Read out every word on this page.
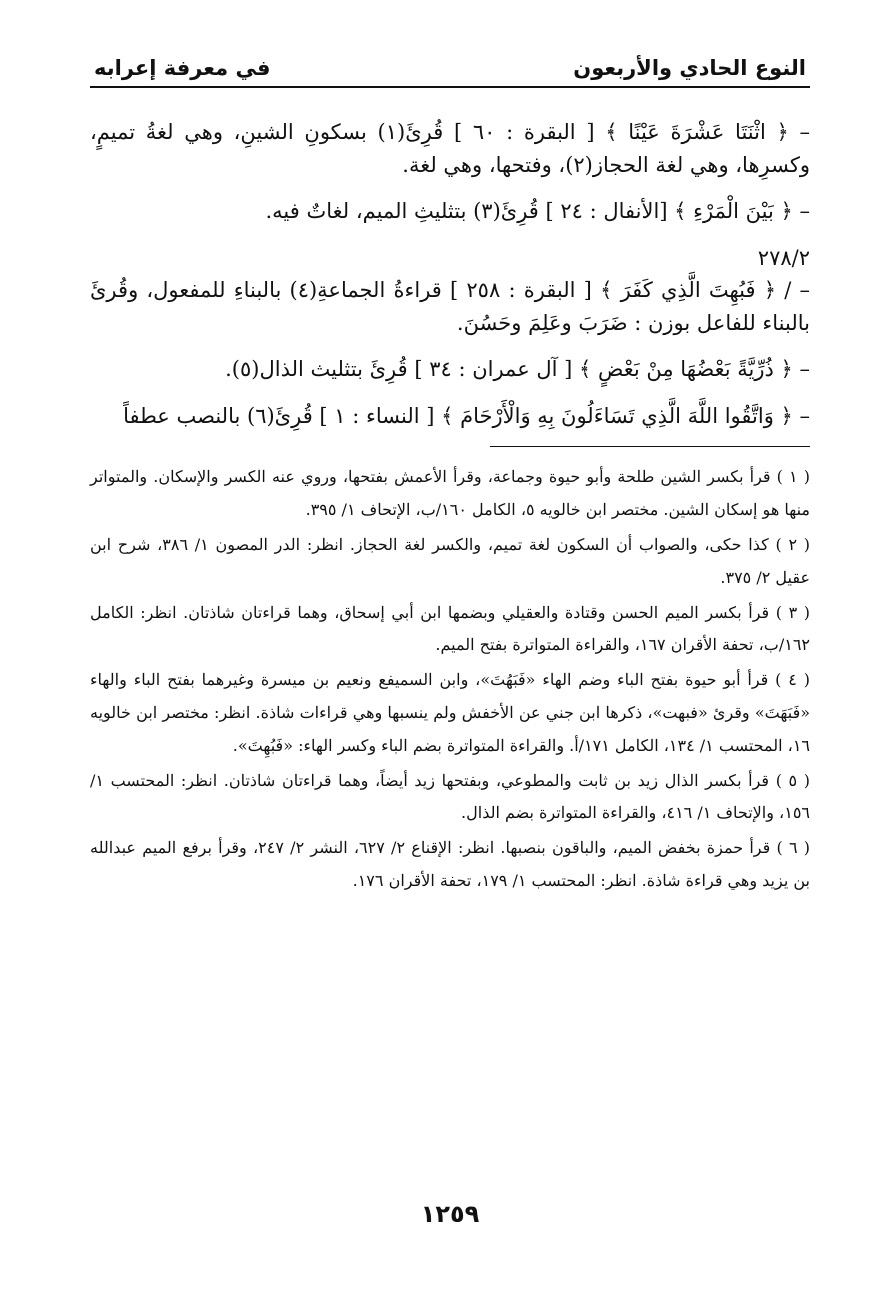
النوع الحادي والأربعون
في معرفة إعرابه

– ﴿ اثْنَتَا عَشْرَةَ عَيْنًا ﴾ [ البقرة : ٦٠ ] قُرِئَ(١) بسكونِ الشينِ، وهي لغةُ تميمٍ، وكسرِها، وهي لغة الحجاز(٢)، وفتحها، وهي لغة.

– ﴿ بَيْنَ الْمَرْءِ ﴾ [الأنفال : ٢٤ ] قُرِئَ(٣) بتثليثِ الميم، لغاتٌ فيه.

٢٧٨/٢

– / ﴿ فَبُهِتَ الَّذِي كَفَرَ ﴾ [ البقرة : ٢٥٨ ] قراءةُ الجماعةِ(٤) بالبناءِ للمفعول، وقُرئَ بالبناء للفاعل بوزن : ضَرَبَ وعَلِمَ وحَسُنَ.

– ﴿ ذُرِّيَّةً بَعْضُهَا مِنْ بَعْضٍ ﴾ [ آل عمران : ٣٤ ] قُرِئَ بتثليث الذال(٥).

– ﴿ وَاتَّقُوا اللَّهَ الَّذِي تَسَاءَلُونَ بِهِ وَالْأَرْحَامَ ﴾ [ النساء : ١ ] قُرِئَ(٦) بالنصب عطفاً

( ١ ) قرأ بكسر الشين طلحة وأبو حيوة وجماعة، وقرأ الأعمش بفتحها، وروي عنه الكسر والإسكان. والمتواتر منها هو إسكان الشين. مختصر ابن خالويه ٥، الكامل ١٦٠/ب، الإتحاف ١/ ٣٩٥.

( ٢ ) كذا حكى، والصواب أن السكون لغة تميم، والكسر لغة الحجاز. انظر: الدر المصون ١/ ٣٨٦، شرح ابن عقيل ٢/ ٣٧٥.

( ٣ ) قرأ بكسر الميم الحسن وقتادة والعقيلي وبضمها ابن أبي إسحاق، وهما قراءتان شاذتان. انظر: الكامل ١٦٢/ب، تحفة الأقران ١٦٧، والقراءة المتواترة بفتح الميم.

( ٤ ) قرأ أبو حيوة بفتح الباء وضم الهاء «فَبَهُتَ»، وابن السميفع ونعيم بن ميسرة وغيرهما بفتح الباء والهاء «فَبَهَتَ» وقرئ «فبهت»، ذكرها ابن جني عن الأخفش ولم ينسبها وهي قراءات شاذة. انظر: مختصر ابن خالويه ١٦، المحتسب ١/ ١٣٤، الكامل ١٧١/أ. والقراءة المتواترة بضم الباء وكسر الهاء: «فَبُهِتَ».

( ٥ ) قرأ بكسر الذال زيد بن ثابت والمطوعي، وبفتحها زيد أيضاً، وهما قراءتان شاذتان. انظر: المحتسب ١/ ١٥٦، والإتحاف ١/ ٤١٦، والقراءة المتواترة بضم الذال.

( ٦ ) قرأ حمزة بخفض الميم، والباقون بنصبها. انظر: الإقناع ٢/ ٦٢٧، النشر ٢/ ٢٤٧، وقرأ برفع الميم عبدالله بن يزيد وهي قراءة شاذة. انظر: المحتسب ١/ ١٧٩، تحفة الأقران ١٧٦.

١٢٥٩
